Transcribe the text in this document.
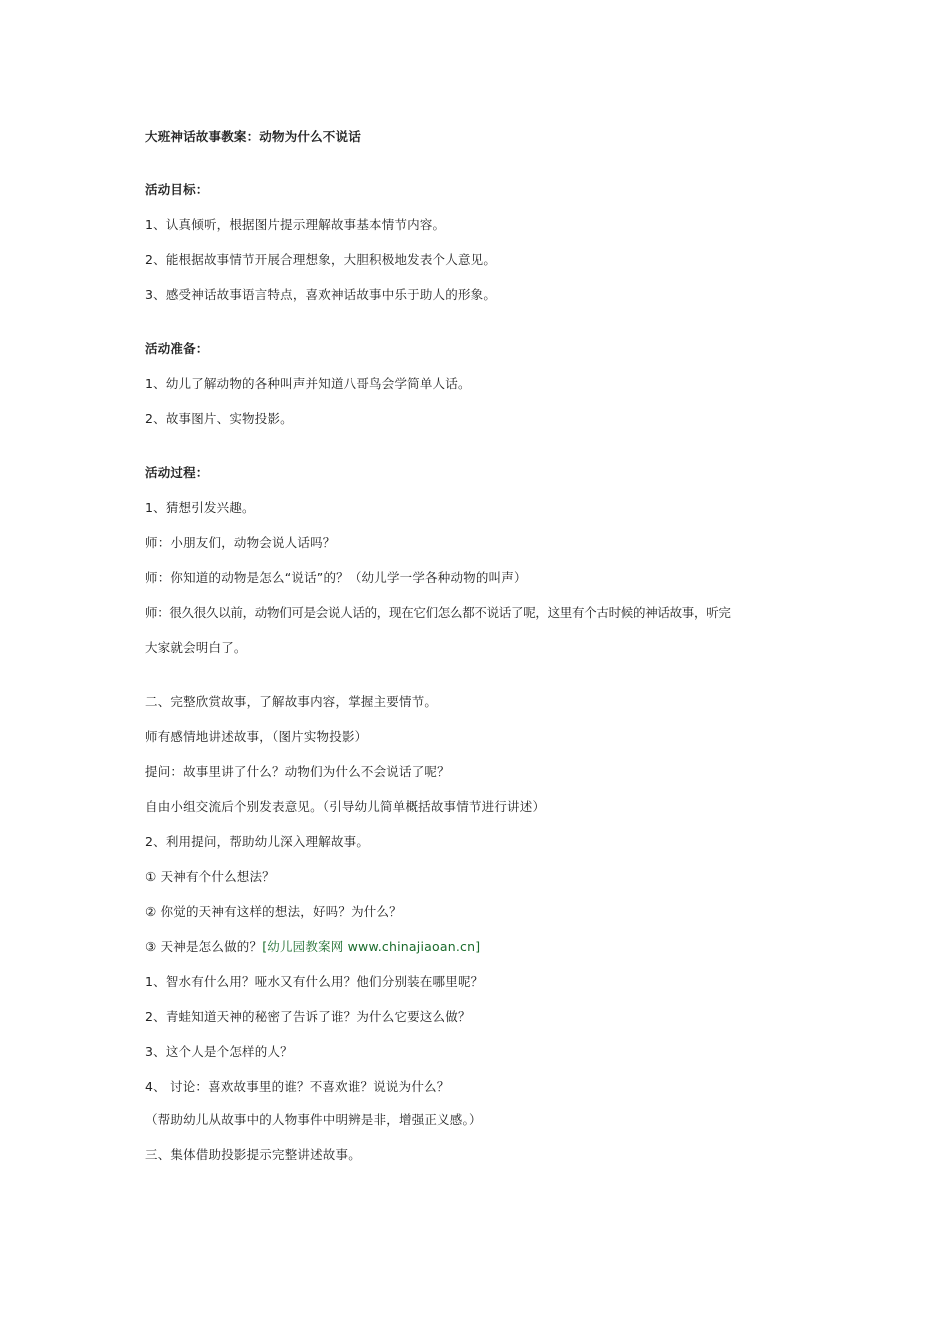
大班神话故事教案：动物为什么不说话
活动目标：
1、认真倾听，根据图片提示理解故事基本情节内容。
2、能根据故事情节开展合理想象，大胆积极地发表个人意见。
3、感受神话故事语言特点，喜欢神话故事中乐于助人的形象。
活动准备：
1、幼儿了解动物的各种叫声并知道八哥鸟会学简单人话。
2、故事图片、实物投影。
活动过程：
1、猜想引发兴趣。
师：小朋友们，动物会说人话吗？
师：你知道的动物是怎么“说话”的？（幼儿学一学各种动物的叫声）
师：很久很久以前，动物们可是会说人话的，现在它们怎么都不说话了呢，这里有个古时候的神话故事，听完
大家就会明白了。
二、完整欣赏故事，了解故事内容，掌握主要情节。
师有感情地讲述故事，（图片实物投影）
提问：故事里讲了什么？动物们为什么不会说话了呢？
自由小组交流后个别发表意见。（引导幼儿简单概括故事情节进行讲述）
2、利用提问，帮助幼儿深入理解故事。
① 天神有个什么想法？
② 你觉的天神有这样的想法，好吗？为什么？
③ 天神是怎么做的？[幼儿园教案网 www.chinajiaoan.cn]
1、智水有什么用？哑水又有什么用？他们分别装在哪里呢？
2、青蛙知道天神的秘密了告诉了谁？为什么它要这么做？
3、这个人是个怎样的人？
4、 讨论：喜欢故事里的谁？不喜欢谁？说说为什么？
（帮助幼儿从故事中的人物事件中明辨是非，增强正义感。）
三、集体借助投影提示完整讲述故事。
